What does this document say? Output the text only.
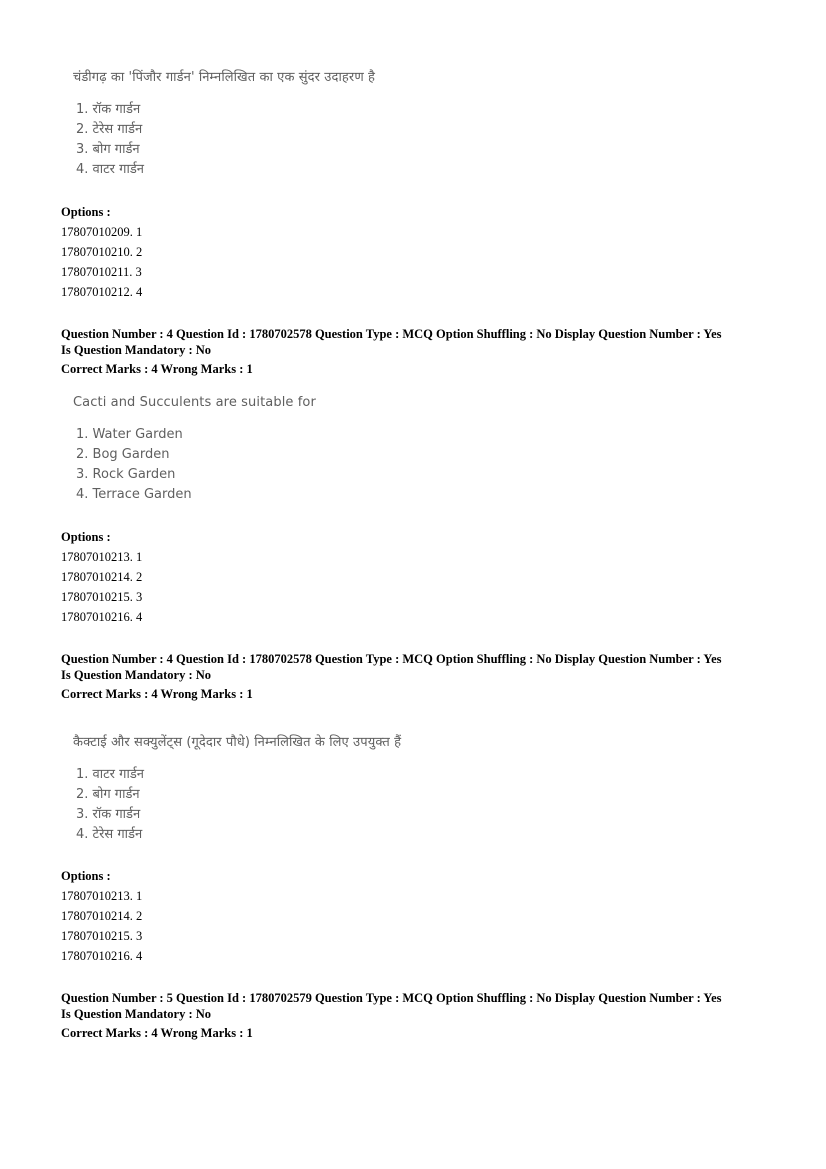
चंडीगढ़ का 'पिंजौर गार्डन' निम्नलिखित का एक सुंदर उदाहरण है
1. रॉक गार्डन
2. टेरेस गार्डन
3. बोग गार्डन
4. वाटर गार्डन
Options :
17807010209. 1
17807010210. 2
17807010211. 3
17807010212. 4
Question Number : 4 Question Id : 1780702578 Question Type : MCQ Option Shuffling : No Display Question Number : Yes
Is Question Mandatory : No
Correct Marks : 4 Wrong Marks : 1
Cacti and Succulents are suitable for
1. Water Garden
2. Bog Garden
3. Rock Garden
4. Terrace Garden
Options :
17807010213. 1
17807010214. 2
17807010215. 3
17807010216. 4
Question Number : 4 Question Id : 1780702578 Question Type : MCQ Option Shuffling : No Display Question Number : Yes
Is Question Mandatory : No
Correct Marks : 4 Wrong Marks : 1
कैक्टाई और सक्युलेंट्स (गूदेदार पौधे) निम्नलिखित के लिए उपयुक्त हैं
1. वाटर गार्डन
2. बोग गार्डन
3. रॉक गार्डन
4. टेरेस गार्डन
Options :
17807010213. 1
17807010214. 2
17807010215. 3
17807010216. 4
Question Number : 5 Question Id : 1780702579 Question Type : MCQ Option Shuffling : No Display Question Number : Yes
Is Question Mandatory : No
Correct Marks : 4 Wrong Marks : 1
